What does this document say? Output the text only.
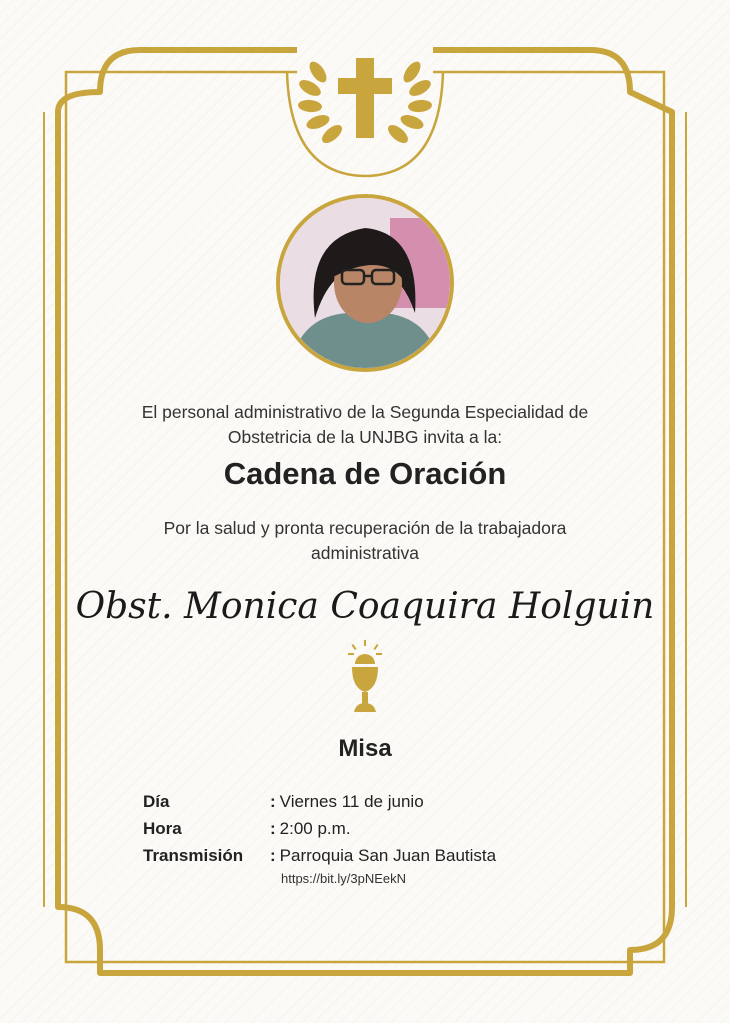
El personal administrativo de la Segunda Especialidad de
Obstetricia de la UNJBG invita a la:
Cadena de Oración
Por la salud y pronta recuperación de la trabajadora
administrativa
Obst. Monica Coaquira Holguin
Misa
Día	: Viernes 11 de junio
Hora	: 2:00 p.m.
Transmisión	: Parroquia San Juan Bautista
https://bit.ly/3pNEekN
